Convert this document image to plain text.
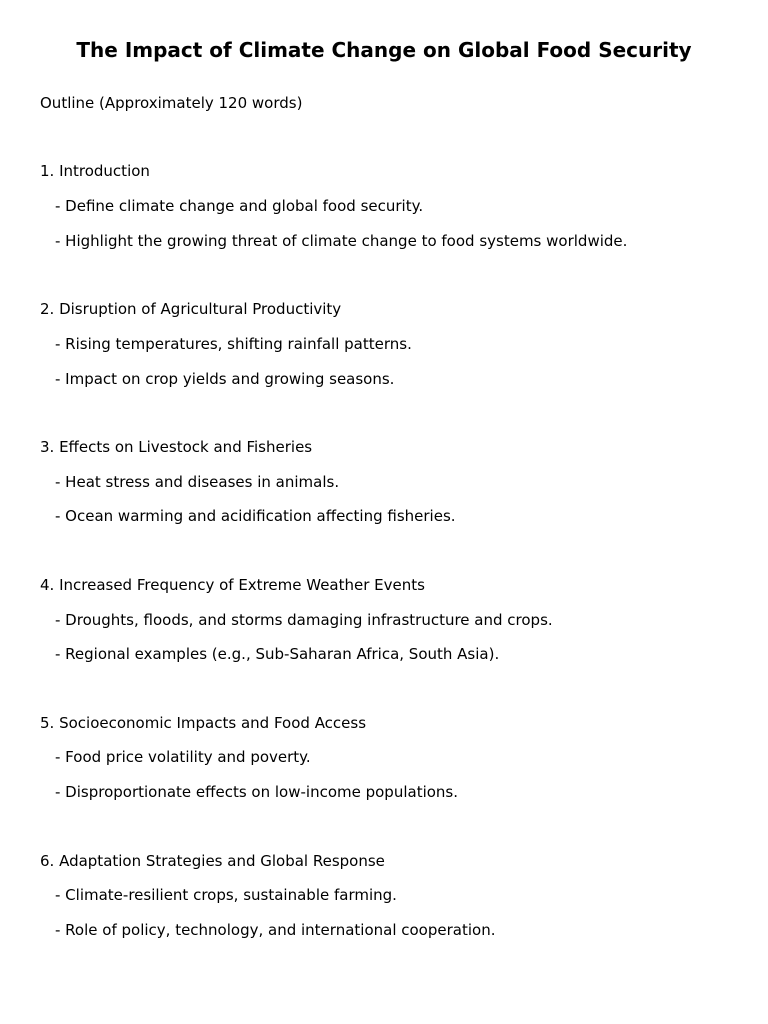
The Impact of Climate Change on Global Food Security
Outline (Approximately 120 words)
1. Introduction
- Define climate change and global food security.
- Highlight the growing threat of climate change to food systems worldwide.
2. Disruption of Agricultural Productivity
- Rising temperatures, shifting rainfall patterns.
- Impact on crop yields and growing seasons.
3. Effects on Livestock and Fisheries
- Heat stress and diseases in animals.
- Ocean warming and acidification affecting fisheries.
4. Increased Frequency of Extreme Weather Events
- Droughts, floods, and storms damaging infrastructure and crops.
- Regional examples (e.g., Sub-Saharan Africa, South Asia).
5. Socioeconomic Impacts and Food Access
- Food price volatility and poverty.
- Disproportionate effects on low-income populations.
6. Adaptation Strategies and Global Response
- Climate-resilient crops, sustainable farming.
- Role of policy, technology, and international cooperation.
